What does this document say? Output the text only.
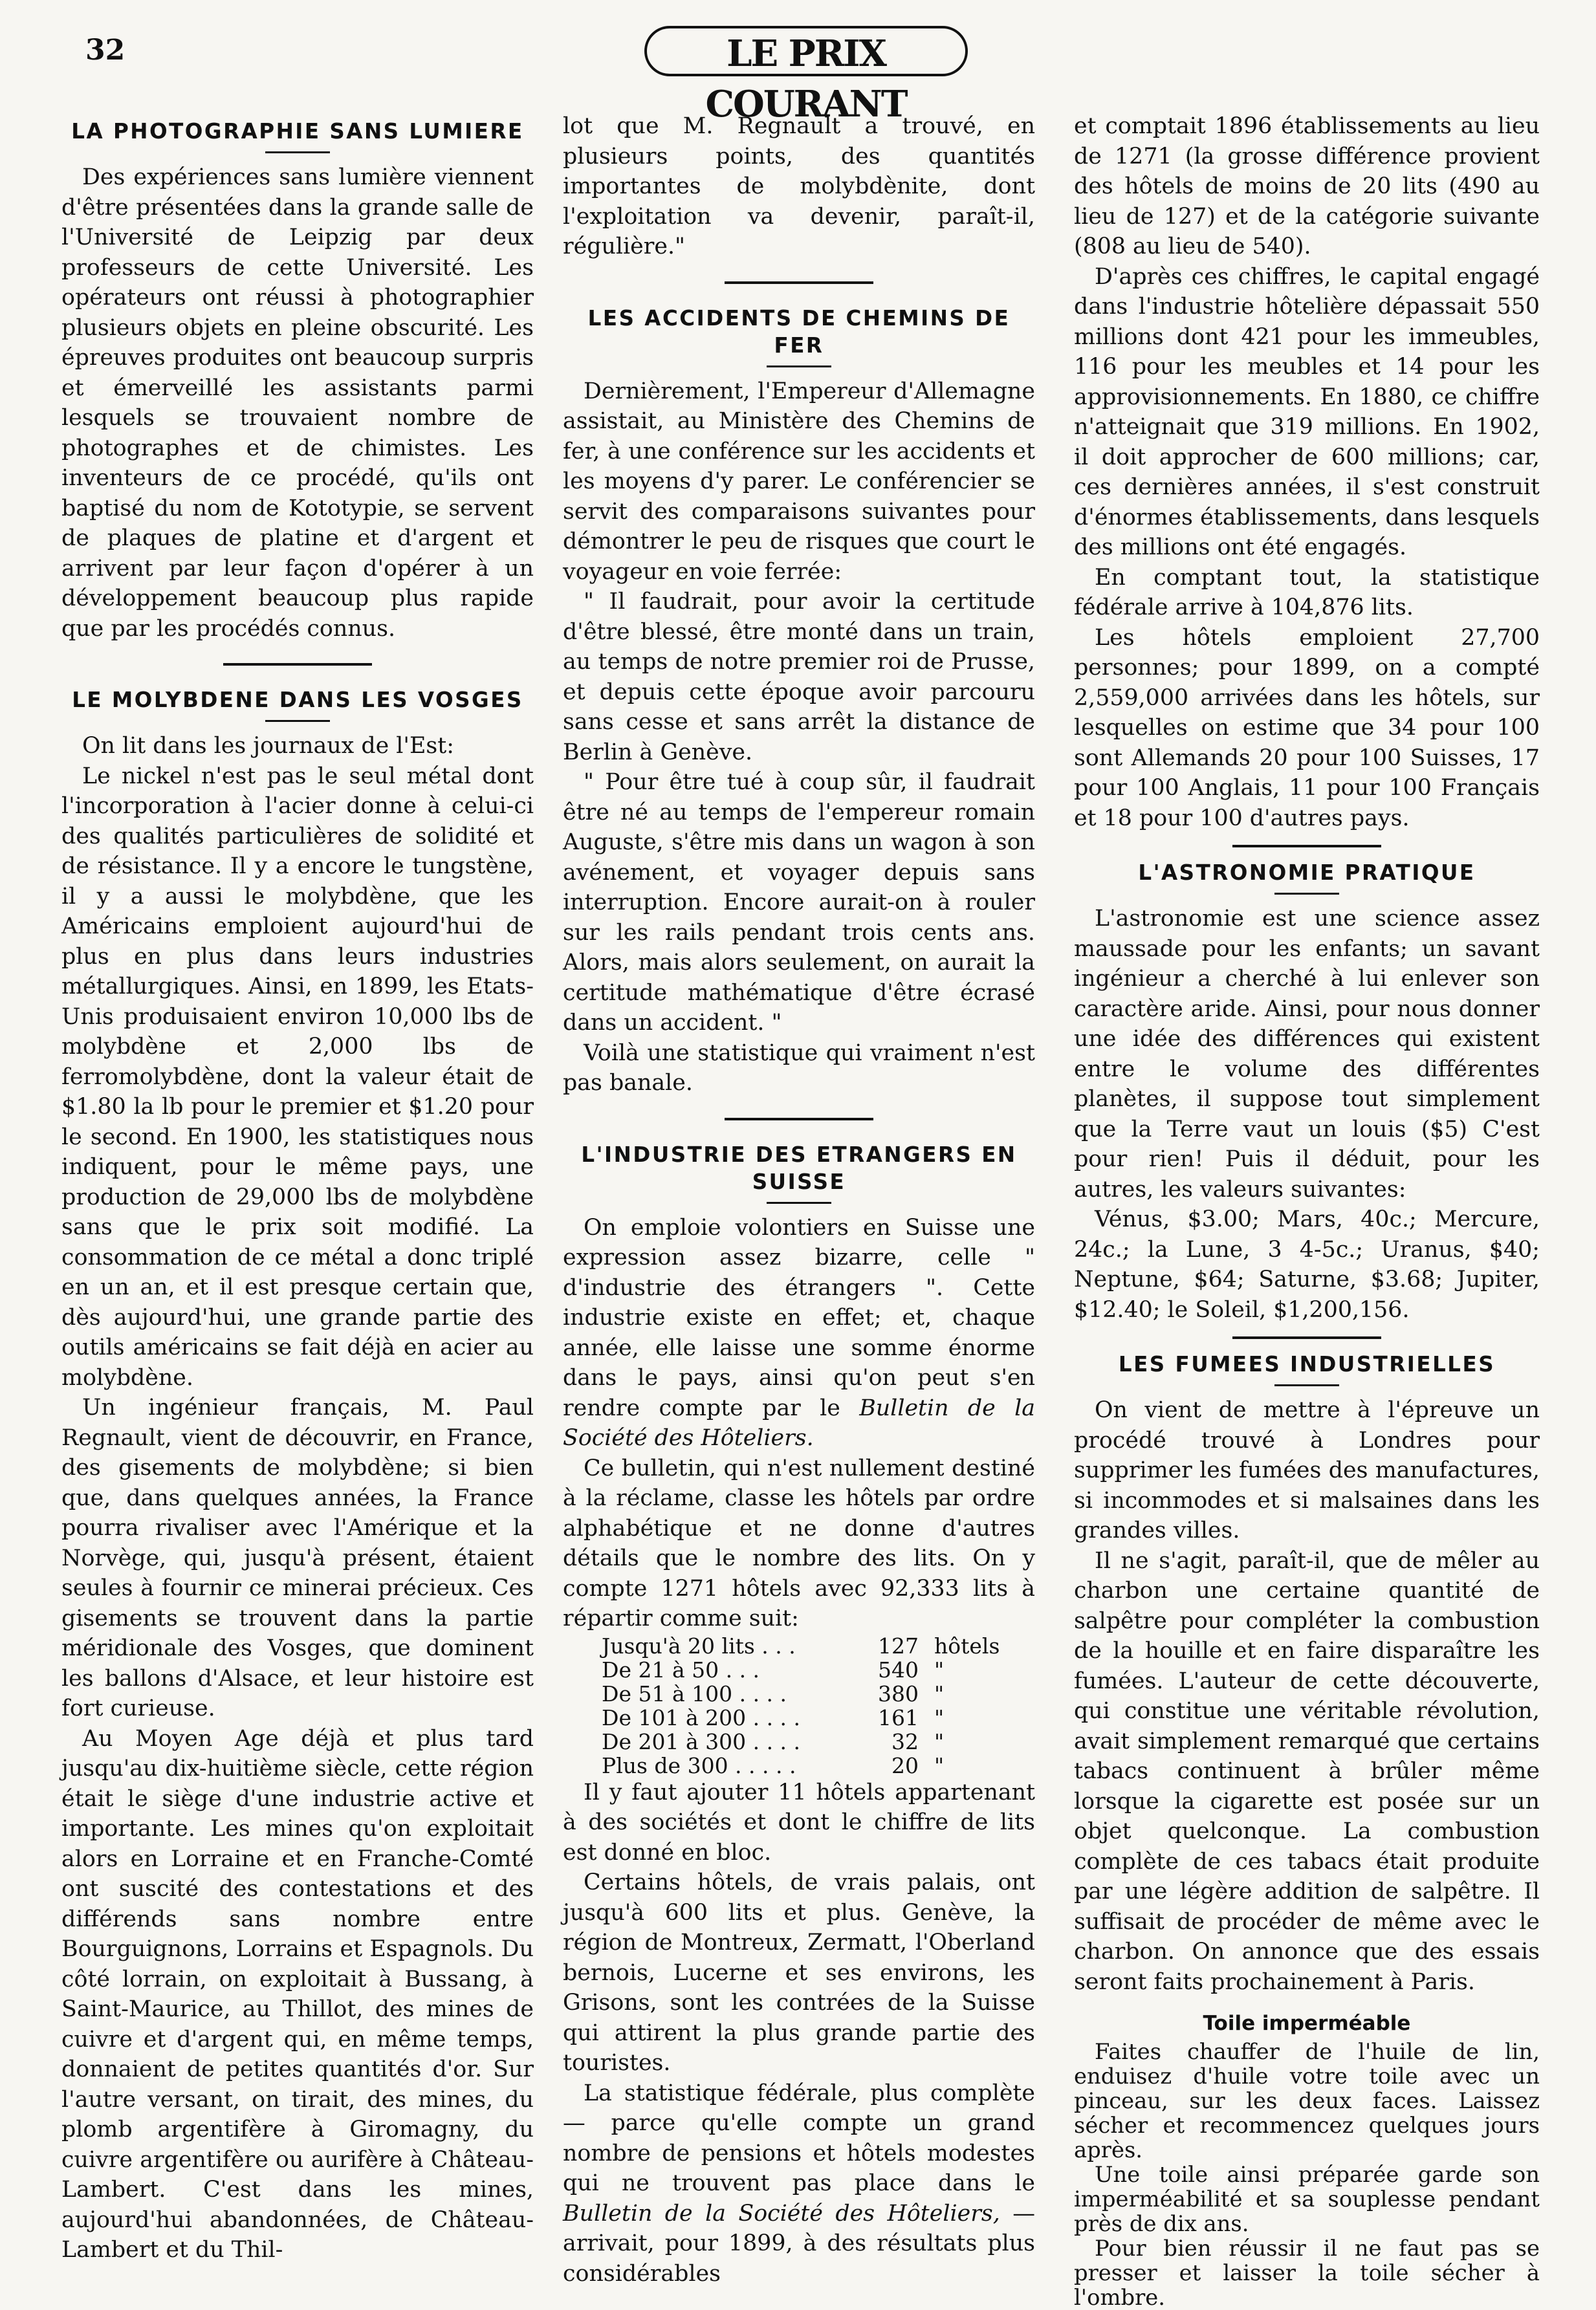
32	LE PRIX COURANT
LA PHOTOGRAPHIE SANS LUMIERE

Des expériences sans lumière viennent d'être présentées dans la grande salle de l'Université de Leipzig par deux professeurs de cette Université. Les opérateurs ont réussi à photographier plusieurs objets en pleine obscurité. Les épreuves produites ont beaucoup surpris et émerveillé les assistants parmi lesquels se trouvaient nombre de photographes et de chimistes. Les inventeurs de ce procédé, qu'ils ont baptisé du nom de Kototypie, se servent de plaques de platine et d'argent et arrivent par leur façon d'opérer à un développement beaucoup plus rapide que par les procédés connus.

LE MOLYBDENE DANS LES VOSGES

On lit dans les journaux de l'Est:

Le nickel n'est pas le seul métal dont l'incorporation à l'acier donne à celui-ci des qualités particulières de solidité et de résistance. Il y a encore le tungstène, il y a aussi le molybdène, que les Américains emploient aujourd'hui de plus en plus dans leurs industries métallurgiques. Ainsi, en 1899, les Etats-Unis produisaient environ 10,000 lbs de molybdène et 2,000 lbs de ferromolybdène, dont la valeur était de $1.80 la lb pour le premier et $1.20 pour le second. En 1900, les statistiques nous indiquent, pour le même pays, une production de 29,000 lbs de molybdène sans que le prix soit modifié. La consommation de ce métal a donc triplé en un an, et il est presque certain que, dès aujourd'hui, une grande partie des outils américains se fait déjà en acier au molybdène.

Un ingénieur français, M. Paul Regnault, vient de découvrir, en France, des gisements de molybdène; si bien que, dans quelques années, la France pourra rivaliser avec l'Amérique et la Norvège, qui, jusqu'à présent, étaient seules à fournir ce minerai précieux. Ces gisements se trouvent dans la partie méridionale des Vosges, que dominent les ballons d'Alsace, et leur histoire est fort curieuse.

Au Moyen Age déjà et plus tard jusqu'au dix-huitième siècle, cette région était le siège d'une industrie active et importante. Les mines qu'on exploitait alors en Lorraine et en Franche-Comté ont suscité des contestations et des différends sans nombre entre Bourguignons, Lorrains et Espagnols. Du côté lorrain, on exploitait à Bussang, à Saint-Maurice, au Thillot, des mines de cuivre et d'argent qui, en même temps, donnaient de petites quantités d'or. Sur l'autre versant, on tirait, des mines, du plomb argentifère à Giromagny, du cuivre argentifère ou aurifère à Château-Lambert. C'est dans les mines, aujourd'hui abandonnées, de Château-Lambert et du Thil-

lot que M. Regnault a trouvé, en plusieurs points, des quantités importantes de molybdènite, dont l'exploitation va devenir, paraît-il, régulière."

LES ACCIDENTS DE CHEMINS DE FER

Dernièrement, l'Empereur d'Allemagne assistait, au Ministère des Chemins de fer, à une conférence sur les accidents et les moyens d'y parer. Le conférencier se servit des comparaisons suivantes pour démontrer le peu de risques que court le voyageur en voie ferrée:

" Il faudrait, pour avoir la certitude d'être blessé, être monté dans un train, au temps de notre premier roi de Prusse, et depuis cette époque avoir parcouru sans cesse et sans arrêt la distance de Berlin à Genève.

" Pour être tué à coup sûr, il faudrait être né au temps de l'empereur romain Auguste, s'être mis dans un wagon à son avénement, et voyager depuis sans interruption. Encore aurait-on à rouler sur les rails pendant trois cents ans. Alors, mais alors seulement, on aurait la certitude mathématique d'être écrasé dans un accident. "

Voilà une statistique qui vraiment n'est pas banale.

L'INDUSTRIE DES ETRANGERS EN SUISSE

On emploie volontiers en Suisse une expression assez bizarre, celle " d'industrie des étrangers ". Cette industrie existe en effet; et, chaque année, elle laisse une somme énorme dans le pays, ainsi qu'on peut s'en rendre compte par le Bulletin de la Société des Hôteliers.

Ce bulletin, qui n'est nullement destiné à la réclame, classe les hôtels par ordre alphabétique et ne donne d'autres détails que le nombre des lits. On y compte 1271 hôtels avec 92,333 lits à répartir comme suit:

Jusqu'à 20 lits . . .	127	hôtels
De 21 à 50 . . .	540	"
De 51 à 100 . . . .	380	"
De 101 à 200 . . . .	161	"
De 201 à 300 . . . .	32	"
Plus de 300 . . . . .	20	"

Il y faut ajouter 11 hôtels appartenant à des sociétés et dont le chiffre de lits est donné en bloc.

Certains hôtels, de vrais palais, ont jusqu'à 600 lits et plus. Genève, la région de Montreux, Zermatt, l'Oberland bernois, Lucerne et ses environs, les Grisons, sont les contrées de la Suisse qui attirent la plus grande partie des touristes.

La statistique fédérale, plus complète — parce qu'elle compte un grand nombre de pensions et hôtels modestes qui ne trouvent pas place dans le Bulletin de la Société des Hôteliers, — arrivait, pour 1899, à des résultats plus considérables

et comptait 1896 établissements au lieu de 1271 (la grosse différence provient des hôtels de moins de 20 lits (490 au lieu de 127) et de la catégorie suivante (808 au lieu de 540).

D'après ces chiffres, le capital engagé dans l'industrie hôtelière dépassait 550 millions dont 421 pour les immeubles, 116 pour les meubles et 14 pour les approvisionnements. En 1880, ce chiffre n'atteignait que 319 millions. En 1902, il doit approcher de 600 millions; car, ces dernières années, il s'est construit d'énormes établissements, dans lesquels des millions ont été engagés.

En comptant tout, la statistique fédérale arrive à 104,876 lits.

Les hôtels emploient 27,700 personnes; pour 1899, on a compté 2,559,000 arrivées dans les hôtels, sur lesquelles on estime que 34 pour 100 sont Allemands 20 pour 100 Suisses, 17 pour 100 Anglais, 11 pour 100 Français et 18 pour 100 d'autres pays.

L'ASTRONOMIE PRATIQUE

L'astronomie est une science assez maussade pour les enfants; un savant ingénieur a cherché à lui enlever son caractère aride. Ainsi, pour nous donner une idée des différences qui existent entre le volume des différentes planètes, il suppose tout simplement que la Terre vaut un louis ($5) C'est pour rien! Puis il déduit, pour les autres, les valeurs suivantes:

Vénus, $3.00; Mars, 40c.; Mercure, 24c.; la Lune, 3 4-5c.; Uranus, $40; Neptune, $64; Saturne, $3.68; Jupiter, $12.40; le Soleil, $1,200,156.

LES FUMEES INDUSTRIELLES

On vient de mettre à l'épreuve un procédé trouvé à Londres pour supprimer les fumées des manufactures, si incommodes et si malsaines dans les grandes villes.

Il ne s'agit, paraît-il, que de mêler au charbon une certaine quantité de salpêtre pour compléter la combustion de la houille et en faire disparaître les fumées. L'auteur de cette découverte, qui constitue une véritable révolution, avait simplement remarqué que certains tabacs continuent à brûler même lorsque la cigarette est posée sur un objet quelconque. La combustion complète de ces tabacs était produite par une légère addition de salpêtre. Il suffisait de procéder de même avec le charbon. On annonce que des essais seront faits prochainement à Paris.

Toile imperméable

Faites chauffer de l'huile de lin, enduisez d'huile votre toile avec un pinceau, sur les deux faces. Laissez sécher et recommencez quelques jours après.

Une toile ainsi préparée garde son imperméabilité et sa souplesse pendant près de dix ans.

Pour bien réussir il ne faut pas se presser et laisser la toile sécher à l'ombre.
